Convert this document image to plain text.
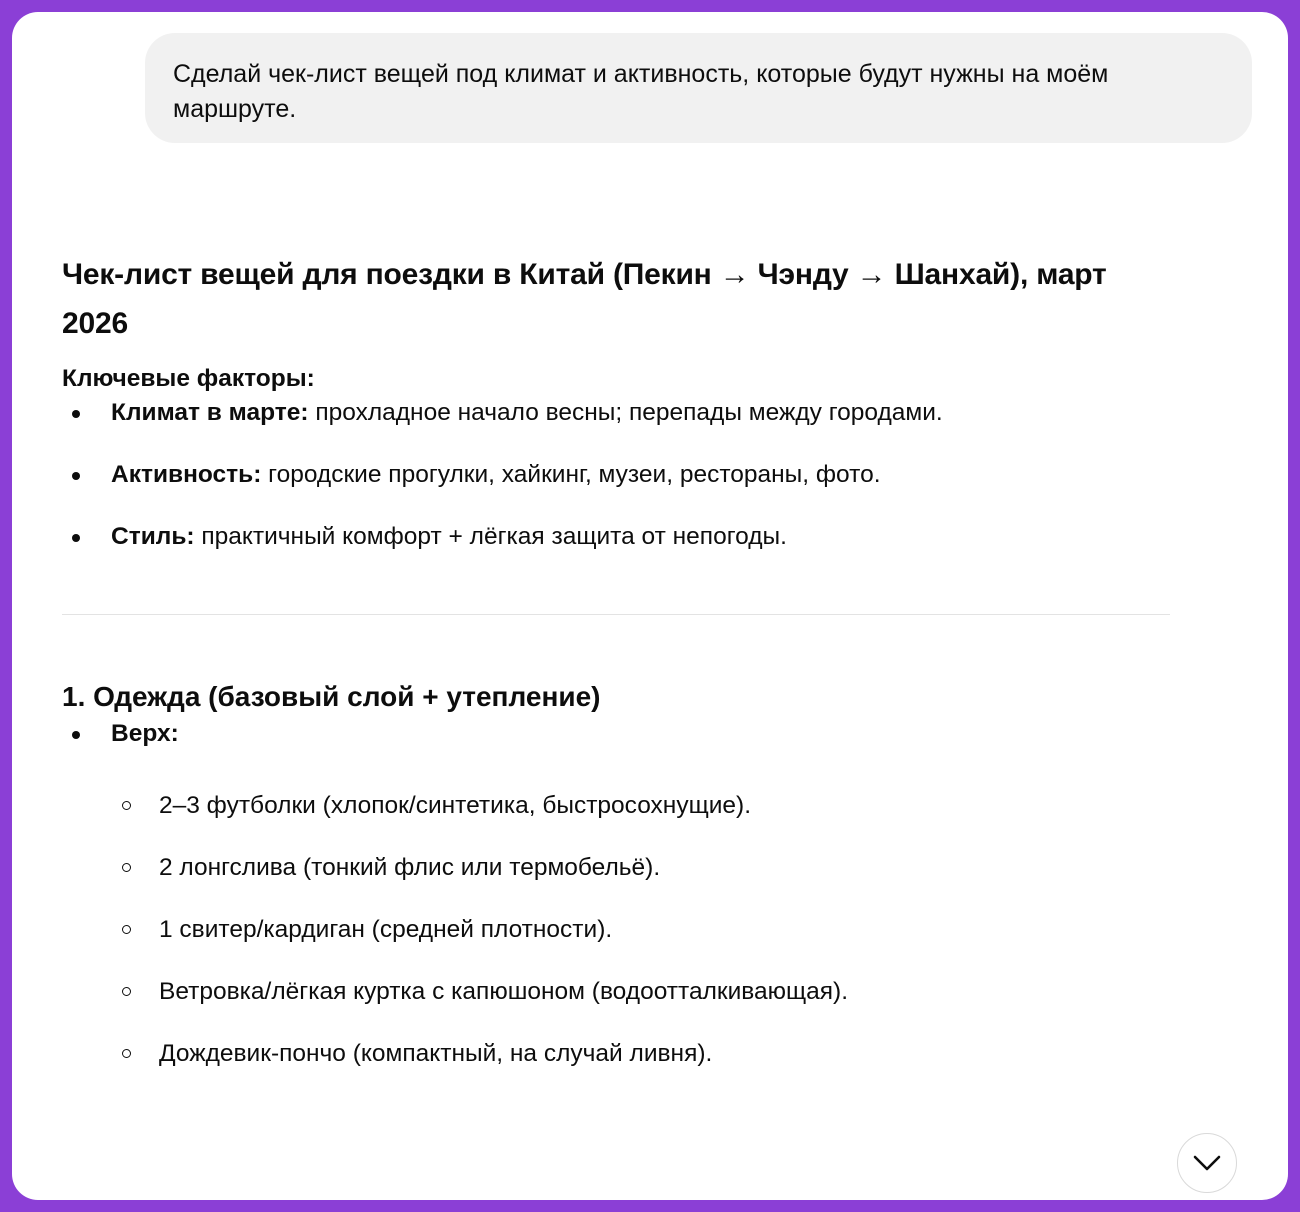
Сделай чек-лист вещей под климат и активность, которые будут нужны на моём маршруте.
Чек-лист вещей для поездки в Китай (Пекин → Чэнду → Шанхай), март 2026
Ключевые факторы:
Климат в марте: прохладное начало весны; перепады между городами.
Активность: городские прогулки, хайкинг, музеи, рестораны, фото.
Стиль: практичный комфорт + лёгкая защита от непогоды.
1. Одежда (базовый слой + утепление)
Верх:
2–3 футболки (хлопок/синтетика, быстросохнущие).
2 лонгслива (тонкий флис или термобельё).
1 свитер/кардиган (средней плотности).
Ветровка/лёгкая куртка с капюшоном (водоотталкивающая).
Дождевик-пончо (компактный, на случай ливня).
